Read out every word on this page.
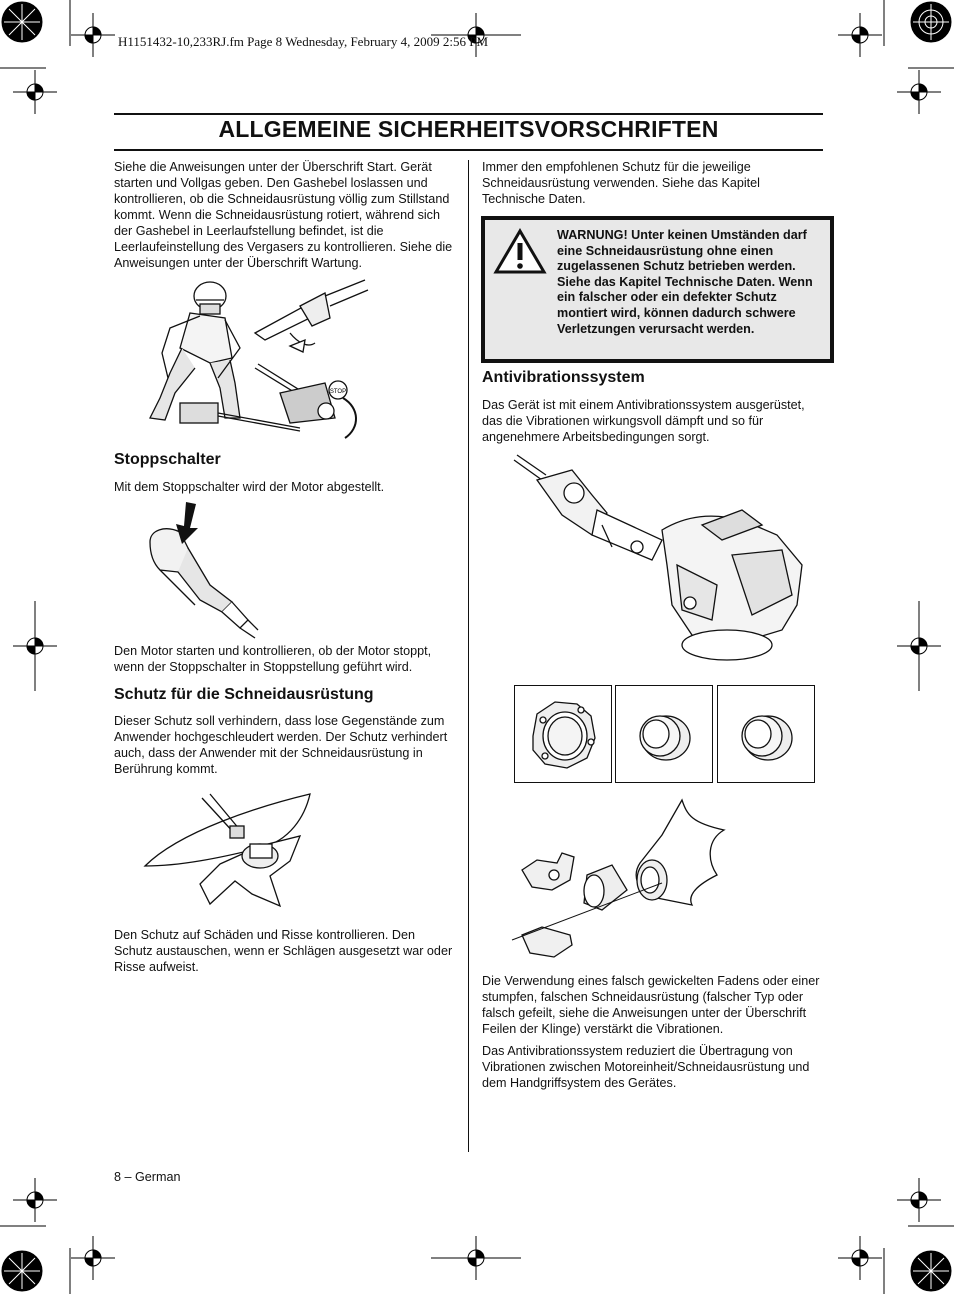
H1151432-10,233RJ.fm Page 8 Wednesday, February 4, 2009 2:56 PM
ALLGEMEINE SICHERHEITSVORSCHRIFTEN
Siehe die Anweisungen unter der Überschrift Start. Gerät starten und Vollgas geben. Den Gashebel loslassen und kontrollieren, ob die Schneidausrüstung völlig zum Stillstand kommt. Wenn die Schneidausrüstung rotiert, während sich der Gashebel in Leerlaufstellung befindet, ist die Leerlaufeinstellung des Vergasers zu kontrollieren. Siehe die Anweisungen unter der Überschrift Wartung.
STOP
Stoppschalter
Mit dem Stoppschalter wird der Motor abgestellt.
Den Motor starten und kontrollieren, ob der Motor stoppt, wenn der Stoppschalter in Stoppstellung geführt wird.
Schutz für die Schneidausrüstung
Dieser Schutz soll verhindern, dass lose Gegenstände zum Anwender hochgeschleudert werden. Der Schutz verhindert auch, dass der Anwender mit der Schneidausrüstung in Berührung kommt.
Den Schutz auf Schäden und Risse kontrollieren. Den Schutz austauschen, wenn er Schlägen ausgesetzt war oder Risse aufweist.
Immer den empfohlenen Schutz für die jeweilige Schneidausrüstung verwenden. Siehe das Kapitel Technische Daten.
WARNUNG! Unter keinen Umständen darf eine Schneidausrüstung ohne einen zugelassenen Schutz betrieben werden. Siehe das Kapitel Technische Daten. Wenn ein falscher oder ein defekter Schutz montiert wird, können dadurch schwere Verletzungen verursacht werden.
Antivibrationssystem
Das Gerät ist mit einem Antivibrationssystem ausgerüstet, das die Vibrationen wirkungsvoll dämpft und so für angenehmere Arbeitsbedingungen sorgt.
Die Verwendung eines falsch gewickelten Fadens oder einer stumpfen, falschen Schneidausrüstung (falscher Typ oder falsch gefeilt, siehe die Anweisungen unter der Überschrift Feilen der Klinge) verstärkt die Vibrationen.
Das Antivibrationssystem reduziert die Übertragung von Vibrationen zwischen Motoreinheit/Schneidausrüstung und dem Handgriffsystem des Gerätes.
8 – German
